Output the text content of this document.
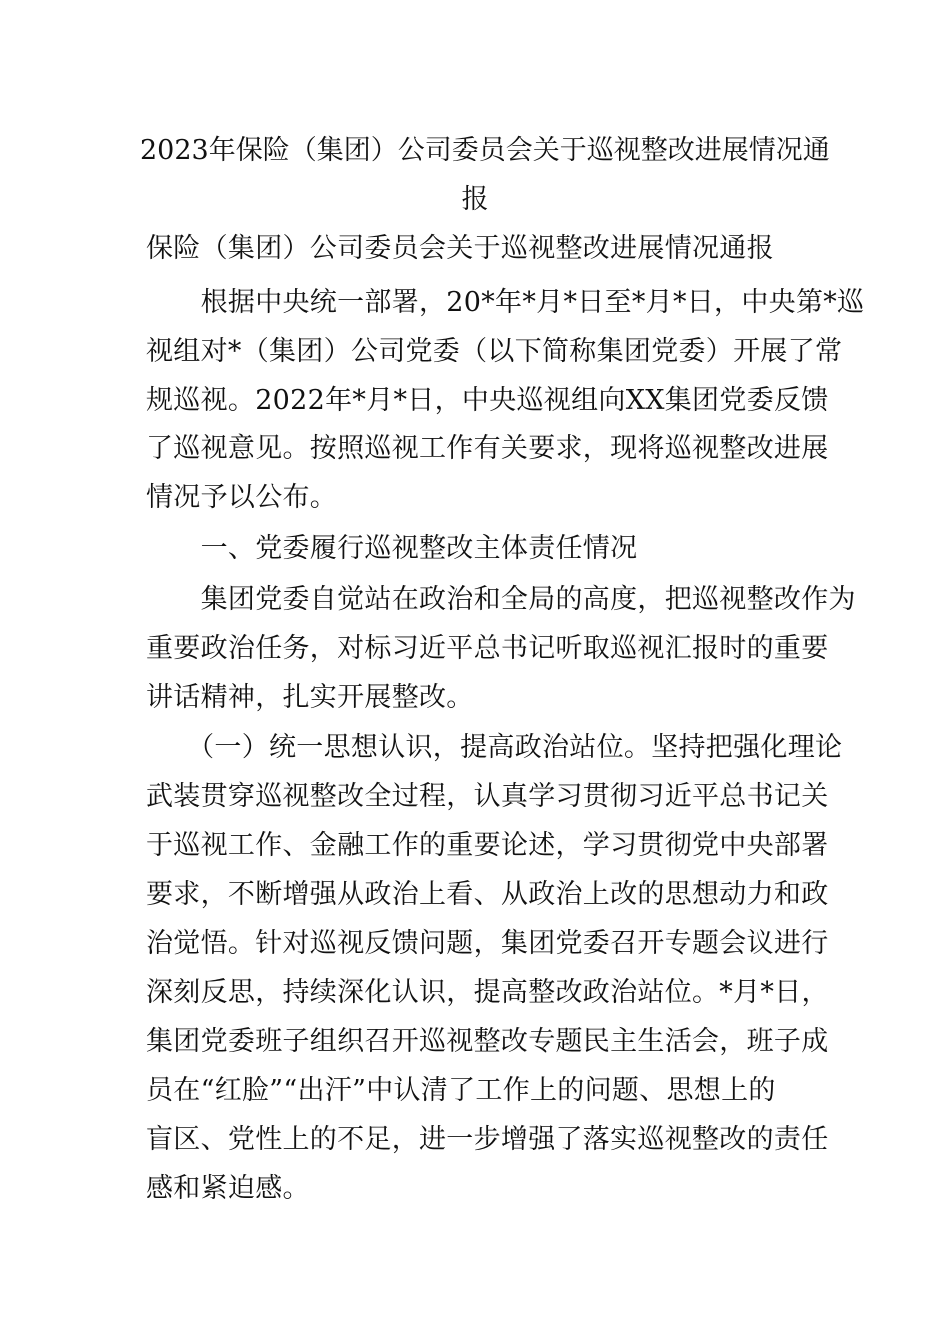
2023年保险（集团）公司委员会关于巡视整改进展情况通
报
保险（集团）公司委员会关于巡视整改进展情况通报
　　根据中央统一部署，20*年*月*日至*月*日，中央第*巡
视组对*（集团）公司党委（以下简称集团党委）开展了常
规巡视。2022年*月*日，中央巡视组向XX集团党委反馈
了巡视意见。按照巡视工作有关要求，现将巡视整改进展
情况予以公布。
　　一、党委履行巡视整改主体责任情况
　　集团党委自觉站在政治和全局的高度，把巡视整改作为
重要政治任务，对标习近平总书记听取巡视汇报时的重要
讲话精神，扎实开展整改。
　　（一）统一思想认识，提高政治站位。坚持把强化理论
武装贯穿巡视整改全过程，认真学习贯彻习近平总书记关
于巡视工作、金融工作的重要论述，学习贯彻党中央部署
要求，不断增强从政治上看、从政治上改的思想动力和政
治觉悟。针对巡视反馈问题，集团党委召开专题会议进行
深刻反思，持续深化认识，提高整改政治站位。*月*日，
集团党委班子组织召开巡视整改专题民主生活会，班子成
员在“红脸”“出汗”中认清了工作上的问题、思想上的
盲区、党性上的不足，进一步增强了落实巡视整改的责任
感和紧迫感。
